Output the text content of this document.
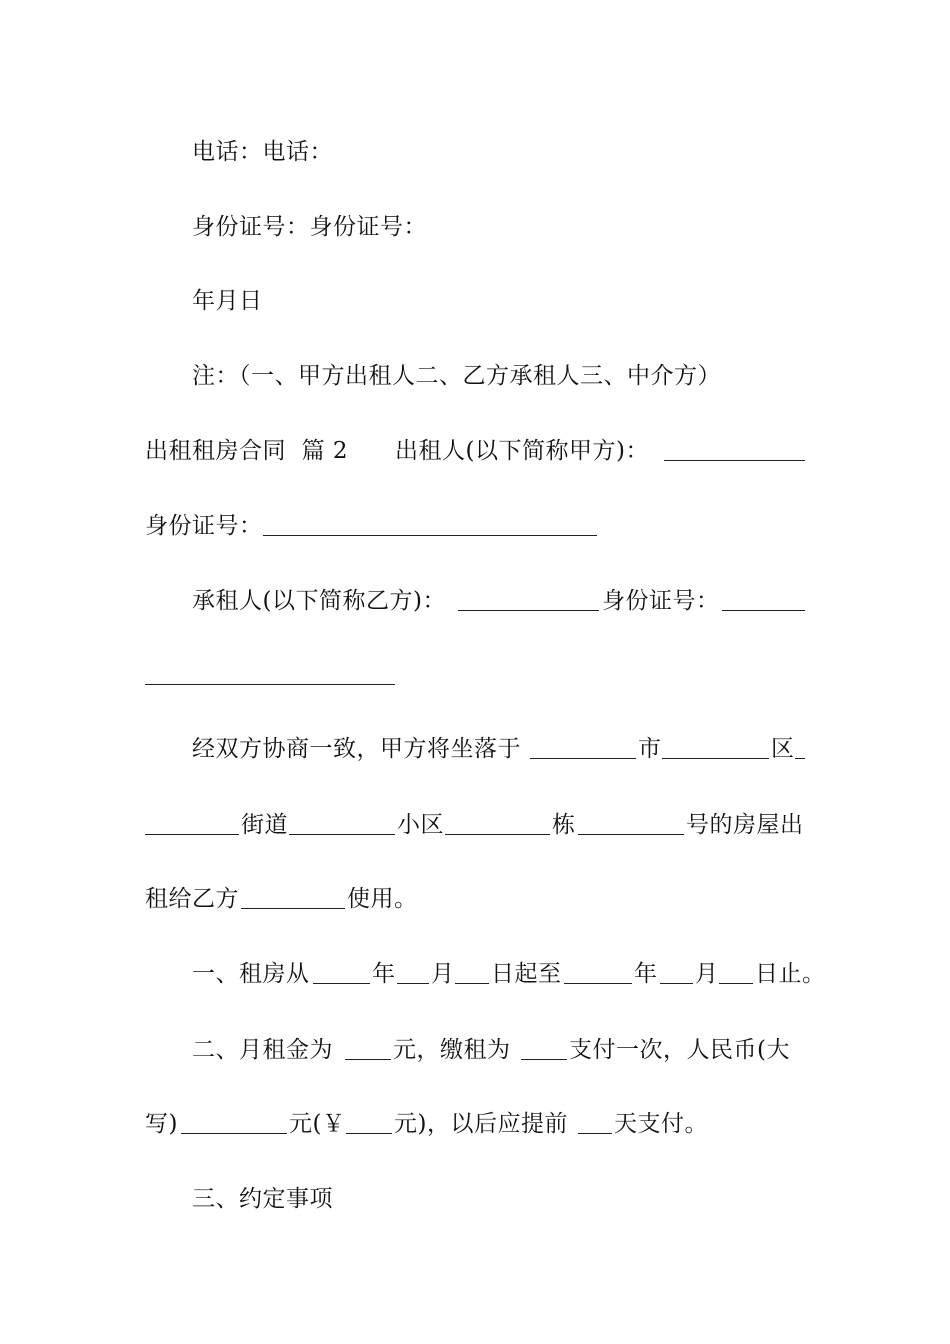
电话：电话：
身份证号：身份证号：
年月日
注：（一、甲方出租人二、乙方承租人三、中介方）
出租租房合同  篇 2 出租人(以下简称甲方)：
身份证号：
承租人(以下简称乙方)：	身份证号：
经双方协商一致，甲方将坐落于	市	区
街道	小区	栋	号的房屋出
租给乙方	使用。
一、租房从	年 月 日起至	年 月 日止。
二、月租金为	元，缴租为	支付一次，人民币(大
写)	元(￥ 元)，以后应提前 天支付。
三、约定事项
